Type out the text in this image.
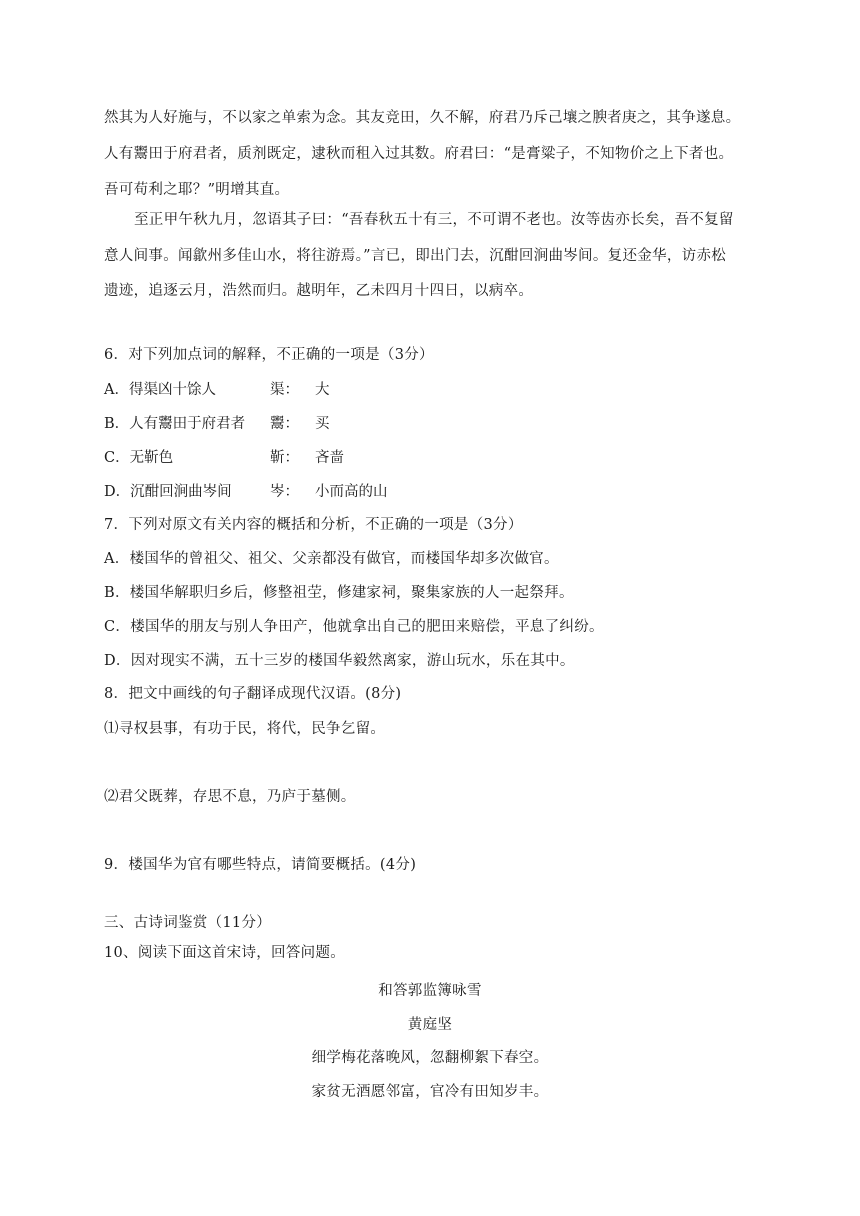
然其为人好施与，不以家之单索为念。其友竞田，久不解，府君乃斥己壤之腴者庚之，其争遂息。
人有鬻田于府君者，质剂既定，逮秋而租入过其数。府君曰：“是膏粱子，不知物价之上下者也。
吾可苟利之耶？”明增其直。
至正甲午秋九月，忽语其子曰：“吾春秋五十有三，不可谓不老也。汝等齿亦长矣，吾不复留
意人间事。闻歙州多佳山水，将往游焉。”言已，即出门去，沉酣回涧曲岑间。复还金华，访赤松
遗迹，追逐云月，浩然而归。越明年，乙未四月十四日，以病卒。
6．对下列加点词的解释，不正确的一项是（3分）
A．得渠凶十馀人	渠： 大
B．人有鬻田于府君者 鬻： 买
C．无靳色	靳： 吝啬
D．沉酣回涧曲岑间	岑： 小而高的山
7．下列对原文有关内容的概括和分析，不正确的一项是（3分）
A．楼国华的曾祖父、祖父、父亲都没有做官，而楼国华却多次做官。
B．楼国华解职归乡后，修整祖茔，修建家祠，聚集家族的人一起祭拜。
C．楼国华的朋友与别人争田产，他就拿出自己的肥田来赔偿，平息了纠纷。
D．因对现实不满，五十三岁的楼国华毅然离家，游山玩水，乐在其中。
8．把文中画线的句子翻译成现代汉语。(8分)
⑴寻权县事，有功于民，将代，民争乞留。
⑵君父既葬，存思不息，乃庐于墓侧。
9．楼国华为官有哪些特点，请简要概括。(4分)
三、古诗词鉴赏（11分）
10、阅读下面这首宋诗，回答问题。
和答郭监簿咏雪
黄庭坚
细学梅花落晚风，忽翻柳絮下春空。
家贫无酒愿邻富，官冷有田知岁丰。
